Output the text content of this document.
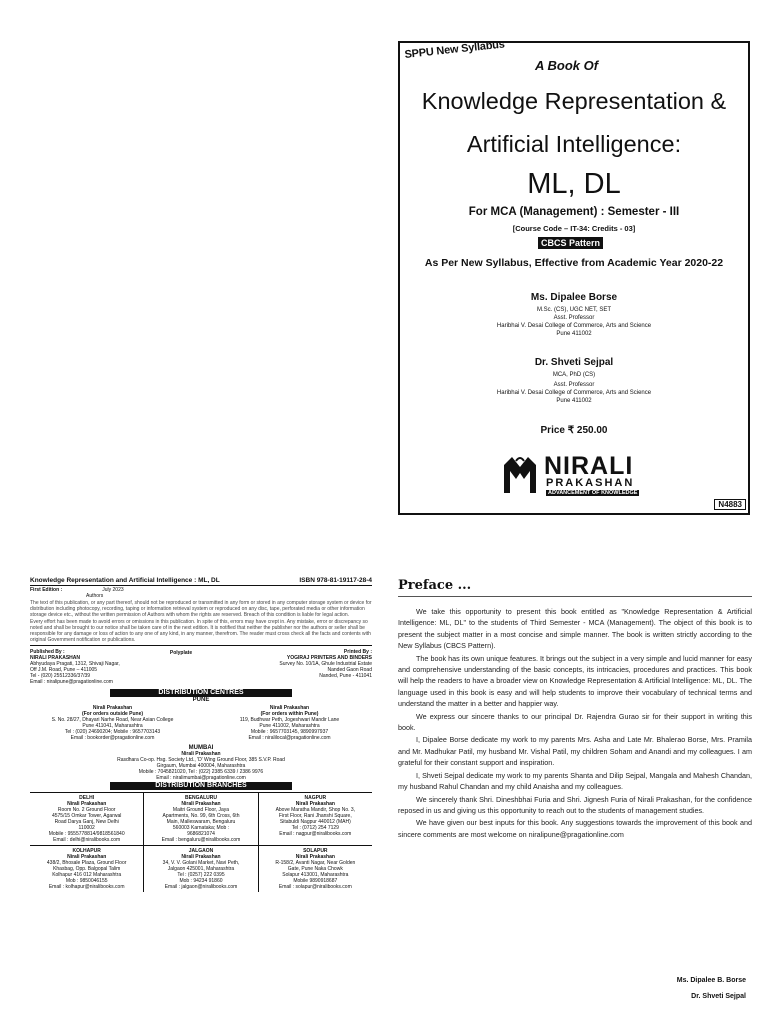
SPPU New Syllabus
A Book Of
Knowledge Representation &
Artificial Intelligence:
ML, DL
For MCA (Management) : Semester - III
[Course Code – IT-34: Credits - 03]
CBCS Pattern
As Per New Syllabus, Effective from Academic Year 2020-22
Ms. Dipalee Borse
M.Sc. (CS), UGC NET, SET
Asst. Professor
Haribhai V. Desai College of Commerce, Arts and Science
Pune 411002
Dr. Shveti Sejpal
MCA, PhD (CS)
Asst. Professor
Haribhai V. Desai College of Commerce, Arts and Science
Pune 411002
Price ₹ 250.00
NIRALI
PRAKASHAN
ADVANCEMENT OF KNOWLEDGE
N4883
Knowledge Representation and Artificial Intelligence : ML, DL	ISBN 978-81-19117-28-4
First Edition :	July 2023
Authors
The text of this publication, or any part thereof, should not be reproduced or transmitted in any form or stored in any computer storage system or device for distribution including photocopy, recording, taping or information retrieval system or reproduced on any disc, tape, perforated media or other information storage device etc., without the written permission of Authors with whom the rights are reserved. Breach of this condition is liable for legal action.
Every effort has been made to avoid errors or omissions in this publication. In spite of this, errors may have crept in. Any mistake, error or discrepancy so noted and shall be brought to our notice shall be taken care of in the next edition. It is notified that neither the publisher nor the authors or seller shall be responsible for any damage or loss of action to any one of any kind, in any manner, therefrom. The reader must cross check all the facts and contents with original Government notification or publications.
Published By :
NIRALI PRAKASHAN
Abhyudaya Pragati, 1312, Shivaji Nagar,
Off J.M. Road, Pune – 411005
Tel - (020) 25512336/37/39
Email : niralipune@pragationline.com
Polyplate	Printed By :
YOGIRAJ PRINTERS AND BINDERS
Survey No. 10/1A, Ghule Industrial Estate
Nanded Gaon Road
Nanded, Pune - 411041
DISTRIBUTION CENTRES
PUNE
Nirali Prakashan
(For orders outside Pune)
S. No. 28/27, Dhayari Narhe Road, Near Asian College
Pune 411041, Maharashtra
Tel : (020) 24690204; Mobile : 9657703143
Email : bookorder@pragationline.com
Nirali Prakashan
(For orders within Pune)
119, Budhwar Peth, Jogeshwari Mandir Lane
Pune 411002, Maharashtra
Mobile : 9657703145, 9890997937
Email : niralilocal@pragationline.com
MUMBAI
Nirali Prakashan
Rasdhara Co-op. Hsg. Society Ltd., 'D' Wing Ground Floor, 385 S.V.P. Road
Girgaum, Mumbai 400004, Maharashtra
Mobile : 7045821020, Tel : (022) 2385 6339 / 2386 9976
Email : niralimumbai@pragationline.com
DISTRIBUTION BRANCHES
DELHI
Nirali Prakashan
Room No. 2 Ground Floor
4575/15 Omkar Tower, Agarwal
Road Darya Ganj, New Delhi
110002
Mobile : 9555778814/9818561840
Email : delhi@niralibooks.com
BENGALURU
Nirali Prakashan
Maitri Ground Floor, Jaya
Apartments, No. 99, 6th Cross, 6th
Main, Malleswaram, Bengaluru
560003 Karnataka; Mob :
9686821074
Email : bengaluru@niralibooks.com
NAGPUR
Nirali Prakashan
Above Maratha Mandir, Shop No. 3,
First Floor, Rani Jhanshi Square,
Sitabuldi Nagpur 440012 (MAH)
Tel : (0712) 254 7129
Email : nagpur@niralibooks.com
KOLHAPUR
Nirali Prakashan
438/2, Bhosale Plaza, Ground Floor
Khasbag, Opp. Balgopal Talim
Kolhapur 416 012 Maharashtra
Mob : 9850046155
Email : kolhapur@niralibooks.com
JALGAON
Nirali Prakashan
34, V. V. Golani Market, Navi Peth,
Jalgaon 425001, Maharashtra
Tel : (0257) 222 0395
Mob : 94234 91860
Email : jalgaon@niralibooks.com
SOLAPUR
Nirali Prakashan
R-158/2, Avanti Nagar, Near Golden
Gate, Pune Naka Chowk
Solapur 413001, Maharashtra
Mobile 9890918687
Email : solapur@niralibooks.com
Preface ...

We take this opportunity to present this book entitled as "Knowledge Representation & Artificial Intelligence: ML, DL" to the students of Third Semester - MCA (Management). The object of this book is to present the subject matter in a most concise and simple manner. The book is written strictly according to the New Syllabus (CBCS Pattern).

The book has its own unique features. It brings out the subject in a very simple and lucid manner for easy and comprehensive understanding of the basic concepts, its intricacies, procedures and practices. This book will help the readers to have a broader view on Knowledge Representation & Artificial Intelligence: ML, DL. The language used in this book is easy and will help students to improve their vocabulary of technical terms and understand the matter in a better and happier way.

We express our sincere thanks to our principal Dr. Rajendra Gurao sir for their support in writing this book.

I, Dipalee Borse dedicate my work to my parents Mrs. Asha and Late Mr. Bhalerao Borse, Mrs. Pramila and Mr. Madhukar Patil, my husband Mr. Vishal Patil, my children Soham and Anandi and my colleagues. I am grateful for their constant support and inspiration.

I, Shveti Sejpal dedicate my work to my parents Shanta and Dilip Sejpal, Mangala and Mahesh Chandan, my husband Rahul Chandan and my child Anaisha and my colleagues.

We sincerely thank Shri. Dineshbhai Furia and Shri. Jignesh Furia of Nirali Prakashan, for the confidence reposed in us and giving us this opportunity to reach out to the students of management studies.

We have given our best inputs for this book. Any suggestions towards the improvement of this book and sincere comments are most welcome on niralipune@pragationline.com

Ms. Dipalee B. Borse
Dr. Shveti Sejpal
